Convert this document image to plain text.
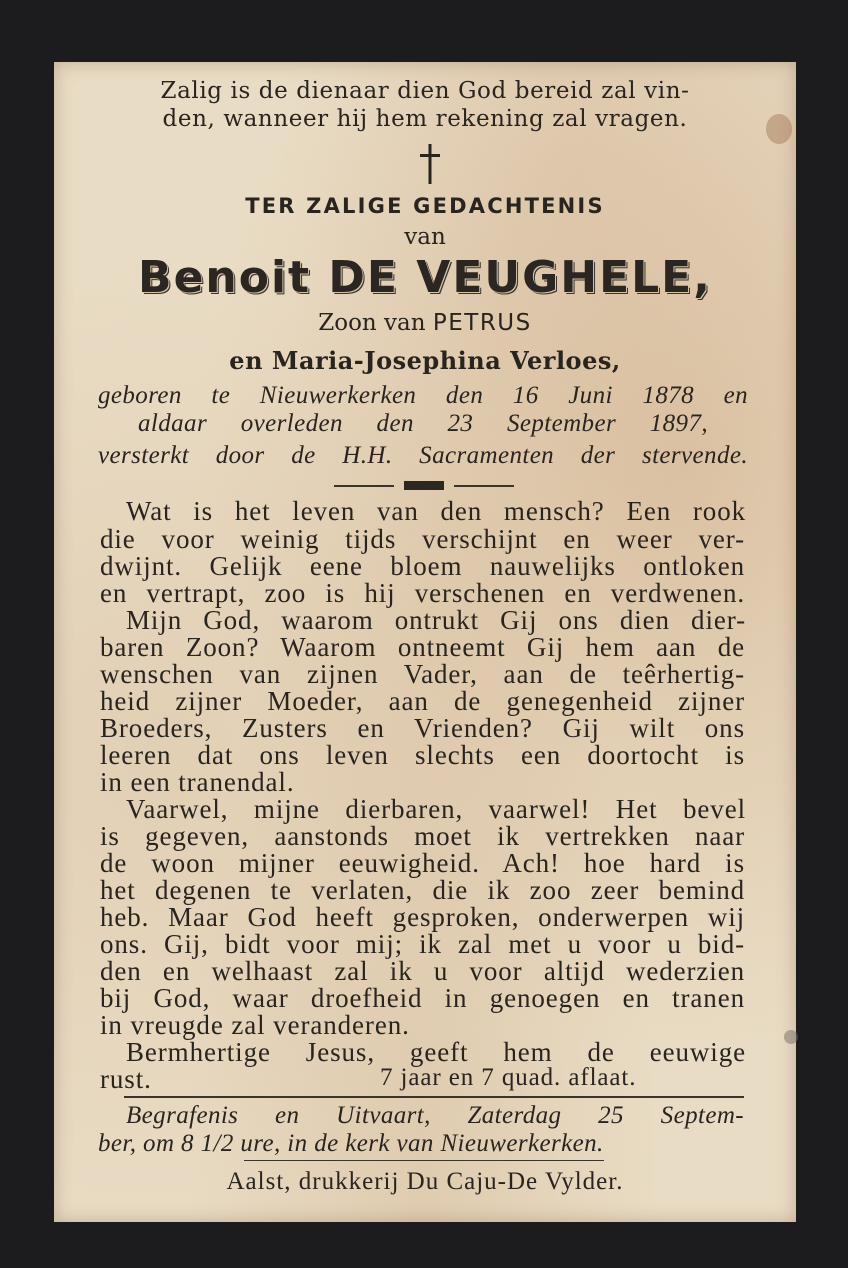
Zalig is de dienaar dien God bereid zal vin-
den, wanneer hij hem rekening zal vragen.
TER ZALIGE GEDACHTENIS
van
Benoit DE VEUGHELE,
Zoon van PETRUS
en Maria-Josephina Verloes,
geboren te Nieuwerkerken den 16 Juni 1878 en
aldaar overleden den 23 September 1897,
versterkt door de H.H. Sacramenten der stervende.
Wat is het leven van den mensch? Een rook
die voor weinig tijds verschijnt en weer ver-
dwijnt. Gelijk eene bloem nauwelijks ontloken
en vertrapt, zoo is hij verschenen en verdwenen.
Mijn God, waarom ontrukt Gij ons dien dier-
baren Zoon? Waarom ontneemt Gij hem aan de
wenschen van zijnen Vader, aan de teêrhertig-
heid zijner Moeder, aan de genegenheid zijner
Broeders, Zusters en Vrienden? Gij wilt ons
leeren dat ons leven slechts een doortocht is
in een tranendal.
Vaarwel, mijne dierbaren, vaarwel! Het bevel
is gegeven, aanstonds moet ik vertrekken naar
de woon mijner eeuwigheid. Ach! hoe hard is
het degenen te verlaten, die ik zoo zeer bemind
heb. Maar God heeft gesproken, onderwerpen wij
ons. Gij, bidt voor mij; ik zal met u voor u bid-
den en welhaast zal ik u voor altijd wederzien
bij God, waar droefheid in genoegen en tranen
in vreugde zal veranderen.
Bermhertige Jesus, geeft hem de eeuwige
rust.	7 jaar en 7 quad. aflaat.
Begrafenis en Uitvaart, Zaterdag 25 Septem-
ber, om 8 1/2 ure, in de kerk van Nieuwerkerken.
Aalst, drukkerij Du Caju-De Vylder.
